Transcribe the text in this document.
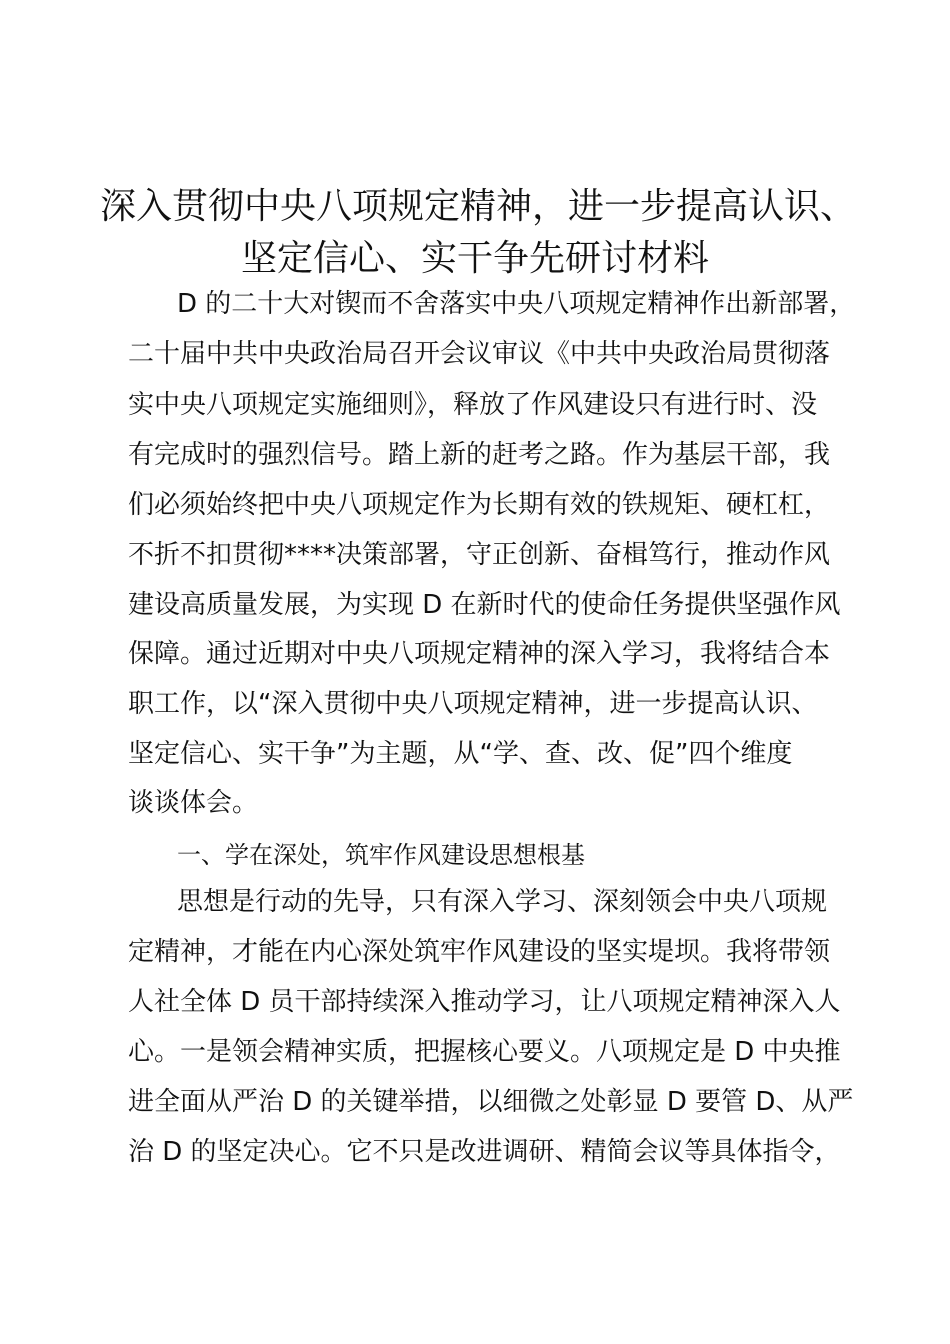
深入贯彻中央八项规定精神，进一步提高认识、
坚定信心、实干争先研讨材料
D 的二十大对锲而不舍落实中央八项规定精神作出新部署，
二十届中共中央政治局召开会议审议《中共中央政治局贯彻落
实中央八项规定实施细则》，释放了作风建设只有进行时、没
有完成时的强烈信号。踏上新的赶考之路。作为基层干部，我
们必须始终把中央八项规定作为长期有效的铁规矩、硬杠杠，
不折不扣贯彻****决策部署，守正创新、奋楫笃行，推动作风
建设高质量发展，为实现 D 在新时代的使命任务提供坚强作风
保障。通过近期对中央八项规定精神的深入学习，我将结合本
职工作，以“深入贯彻中央八项规定精神，进一步提高认识、
坚定信心、实干争”为主题，从“学、查、改、促”四个维度
谈谈体会。
一、学在深处，筑牢作风建设思想根基
思想是行动的先导，只有深入学习、深刻领会中央八项规
定精神，才能在内心深处筑牢作风建设的坚实堤坝。我将带领
人社全体 D 员干部持续深入推动学习，让八项规定精神深入人
心。一是领会精神实质，把握核心要义。八项规定是 D 中央推
进全面从严治 D 的关键举措，以细微之处彰显 D 要管 D、从严
治 D 的坚定决心。它不只是改进调研、精简会议等具体指令，
